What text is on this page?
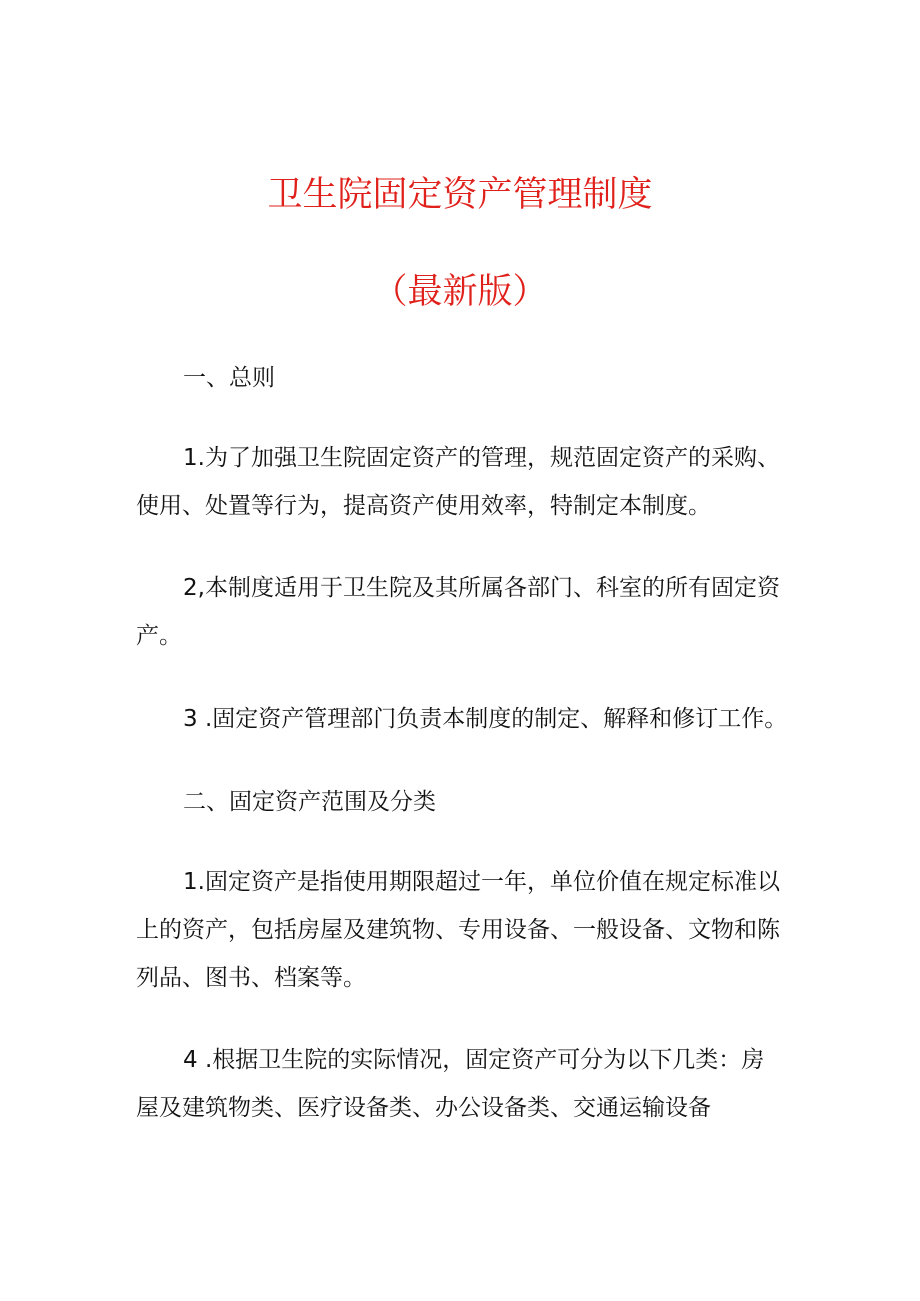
卫生院固定资产管理制度
（最新版）
一、总则
1.为了加强卫生院固定资产的管理，规范固定资产的采购、
使用、处置等行为，提高资产使用效率，特制定本制度。
2,本制度适用于卫生院及其所属各部门、科室的所有固定资
产。
3 .固定资产管理部门负责本制度的制定、解释和修订工作。
二、固定资产范围及分类
1.固定资产是指使用期限超过一年，单位价值在规定标准以
上的资产，包括房屋及建筑物、专用设备、一般设备、文物和陈
列品、图书、档案等。
4 .根据卫生院的实际情况，固定资产可分为以下几类：房
屋及建筑物类、医疗设备类、办公设备类、交通运输设备
